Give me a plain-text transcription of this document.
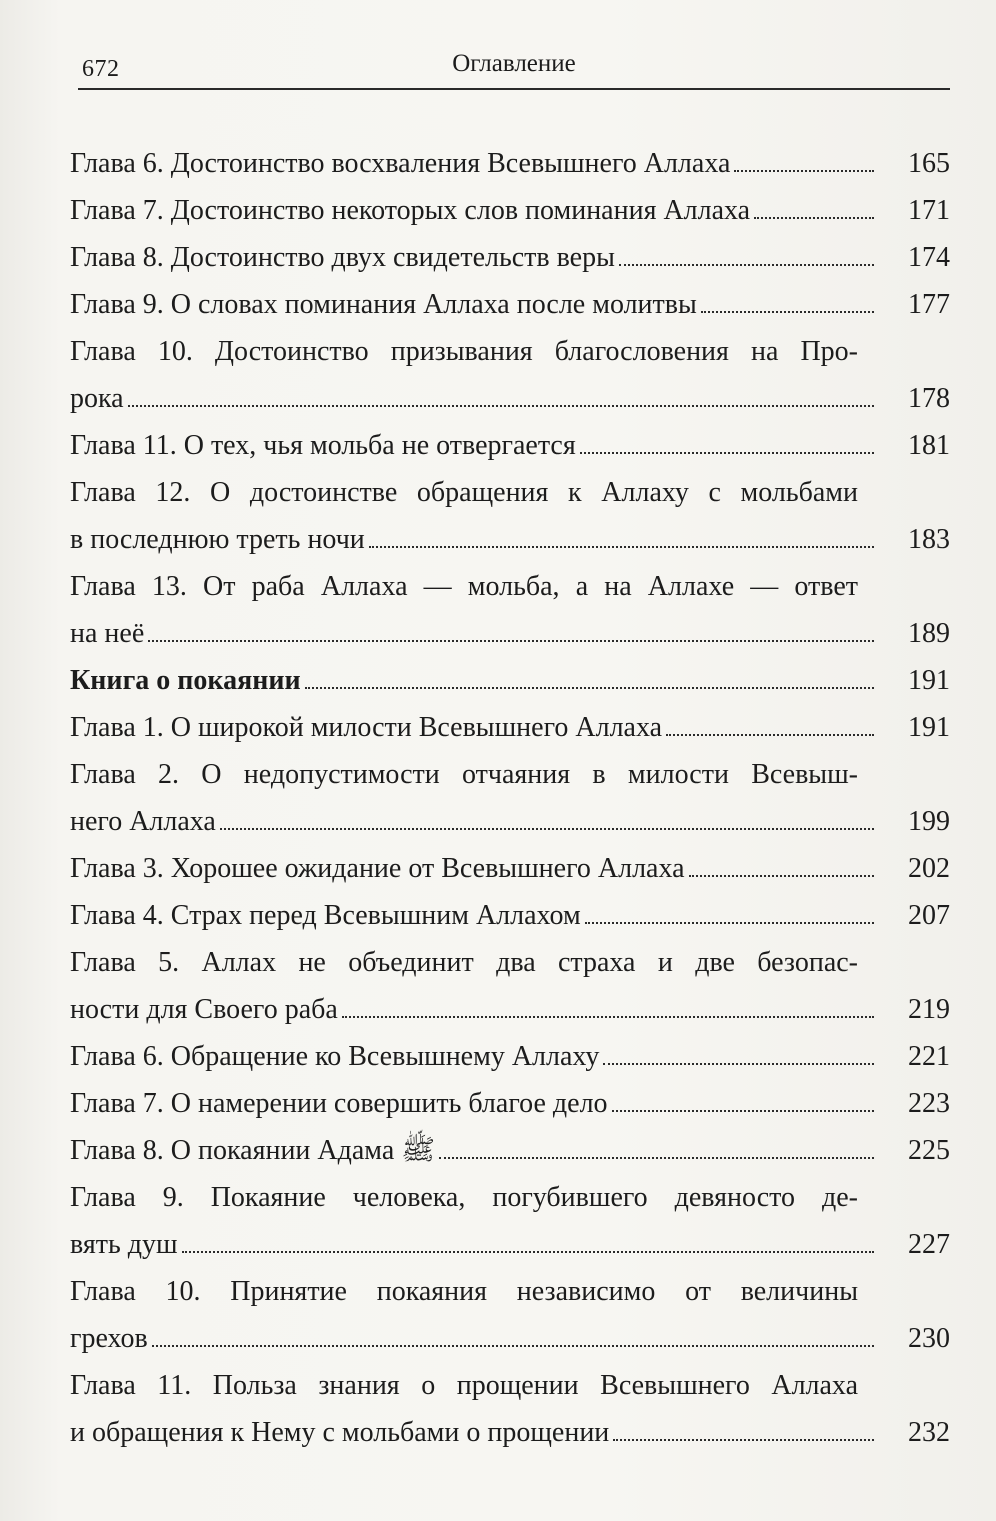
672	Оглавление
Глава 6. Достоинство восхваления Всевышнего Аллаха	165
Глава 7. Достоинство некоторых слов поминания Аллаха	171
Глава 8. Достоинство двух свидетельств веры	174
Глава 9. О словах поминания Аллаха после молитвы	177
Глава 10. Достоинство призывания благословения на Про-
рока	178
Глава 11. О тех, чья мольба не отвергается	181
Глава 12. О достоинстве обращения к Аллаху с мольбами
в последнюю треть ночи	183
Глава 13. От раба Аллаха — мольба, а на Аллахе — ответ
на неё	189
Книга о покаянии	191
Глава 1. О широкой милости Всевышнего Аллаха	191
Глава 2. О недопустимости отчаяния в милости Всевыш-
него Аллаха	199
Глава 3. Хорошее ожидание от Всевышнего Аллаха	202
Глава 4. Страх перед Всевышним Аллахом	207
Глава 5. Аллах не объединит два страха и две безопас-
ности для Своего раба	219
Глава 6. Обращение ко Всевышнему Аллаху	221
Глава 7. О намерении совершить благое дело	223
Глава 8. О покаянии Адама ﷺ	225
Глава 9. Покаяние человека, погубившего девяносто де-
вять душ	227
Глава 10. Принятие покаяния независимо от величины
грехов	230
Глава 11. Польза знания о прощении Всевышнего Аллаха
и обращения к Нему с мольбами о прощении	232
